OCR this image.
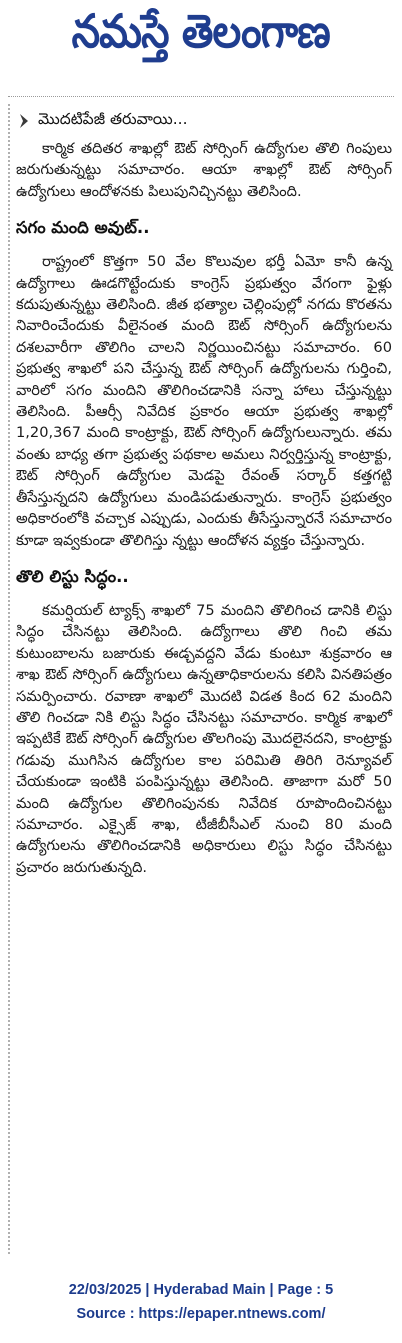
నమస్తే తెలంగాణ
మొదటిపేజీ తరువాయి...

కార్మిక తదితర శాఖల్లో ఔట్ సోర్సింగ్ ఉద్యోగుల తొలి గింపులు జరుగుతున్నట్టు సమాచారం. ఆయా శాఖల్లో ఔట్ సోర్సింగ్ ఉద్యోగులు ఆందోళనకు పిలుపునిచ్చినట్టు తెలిసింది.

సగం మంది అవుట్..

రాష్ట్రంలో కొత్తగా 50 వేల కొలువుల భర్తీ ఏమో కానీ ఉన్న ఉద్యోగాలు ఊడగొట్టేందుకు కాంగ్రెస్ ప్రభుత్వం వేగంగా ఫైళ్లు కదుపుతున్నట్టు తెలిసింది. జీత భత్యాల చెల్లింపుల్లో నగదు కొరతను నివారించేందుకు వీలైనంత మంది ఔట్ సోర్సింగ్ ఉద్యోగులను దశలవారీగా తొలిగిం చాలని నిర్ణయించినట్టు సమాచారం. 60 ప్రభుత్వ శాఖలో పని చేస్తున్న ఔట్ సోర్సింగ్ ఉద్యోగులను గుర్తించి, వారిలో సగం మందిని తొలిగించడానికి సన్నా హాలు చేస్తున్నట్టు తెలిసింది. పీఆర్సీ నివేదిక ప్రకారం ఆయా ప్రభుత్వ శాఖల్లో 1,20,367 మంది కాంట్రాక్టు, ఔట్ సోర్సింగ్ ఉద్యోగులున్నారు. తమ వంతు బాధ్య తగా ప్రభుత్వ పథకాల అమలు నిర్వర్తిస్తున్న కాంట్రాక్టు, ఔట్ సోర్సింగ్ ఉద్యోగుల మెడపై రేవంత్ సర్కార్ కత్తగట్టి తీసేస్తున్నదని ఉద్యోగులు మండిపడుతున్నారు. కాంగ్రెస్ ప్రభుత్వం అధికారంలోకి వచ్చాక ఎప్పుడు, ఎందుకు తీసేస్తున్నారనే సమాచారం కూడా ఇవ్వకుండా తొలిగిస్తు న్నట్టు ఆందోళన వ్యక్తం చేస్తున్నారు.

తొలి లిస్టు సిద్ధం..

కమర్షియల్ ట్యాక్స్ శాఖలో 75 మందిని తొలిగించ డానికి లిస్టు సిద్ధం చేసినట్టు తెలిసింది. ఉద్యోగాలు తొలి గించి తమ కుటుంబాలను బజారుకు ఈడ్చవద్దని వేడు కుంటూ శుక్రవారం ఆ శాఖ ఔట్ సోర్సింగ్ ఉద్యోగులు ఉన్నతాధికారులను కలిసి వినతిపత్రం సమర్పించారు. రవాణా శాఖలో మొదటి విడత కింద 62 మందిని తొలి గించడా నికి లిస్టు సిద్ధం చేసినట్టు సమాచారం. కార్మిక శాఖలో ఇప్పటికే ఔట్ సోర్సింగ్ ఉద్యోగుల తొలగింపు మొదలైనదని, కాంట్రాక్టు గడువు ముగిసిన ఉద్యోగుల కాల పరిమితి తిరిగి రెన్యూవల్ చేయకుండా ఇంటికి పంపిస్తున్నట్టు తెలిసింది. తాజాగా మరో 50 మంది ఉద్యోగుల తొలిగింపునకు నివేదిక రూపొందించినట్టు సమాచారం. ఎక్సైజ్ శాఖ, టీజీబీసీఎల్ నుంచి 80 మంది ఉద్యోగులను తొలిగించడానికి అధికారులు లిస్టు సిద్ధం చేసినట్టు ప్రచారం జరుగుతున్నది.

22/03/2025 | Hyderabad Main | Page : 5
Source : https://epaper.ntnews.com/
